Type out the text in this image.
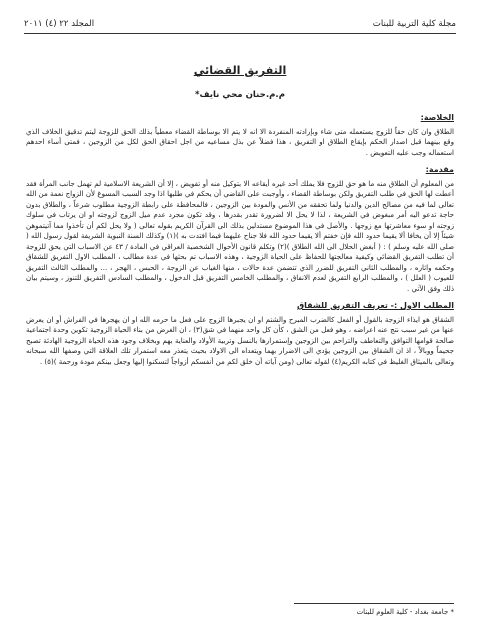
مجلة كلية التربية للبنات
المجلد ٢٢ (٤) ٢٠١١
التفريق القضائي
م.م.حنان محي نايف*
الخلاصة:

الطلاق وان كان حقاً للزوج يستعمله متى شاء وبإرادته المنفردة الا انه لا يتم الا بوساطة القضاء معطياً بذلك الحق للزوجة ليتم تدقيق الخلاف الذي وقع بينهما قبل اصدار الحكم بإيقاع الطلاق او التفريق ، هذا فضلاً عن بذل مساعيه من اجل احقاق الحق لكل من الزوجين ، فمتى أساء احدهم استعماله وجب عليه التعويض .

مقدمة:

من المعلوم أن الطلاق منه ما هو حق للزوج فلا يملك أحد غيره أيقاعه الا بتوكيل منه أو تفويض ، إلا أن الشريعة الاسلامية لم تهمل جانب المرأة فقد أعطت لها الحق في طلب التفريق ولكن بوساطة القضاء ، وأوجبت على القاضي أن يحكم في طلبها اذا وجد السبب المسوغ لأن الزواج نعمة من الله تعالى لما فيه من مصالح الدين والدنيا ولما تحققه من الأنس والمودة بين الزوجين ، فالمحافظة على رابطة الزوجية مطلوب شرعاً ، والطلاق بدون حاجة تدعو اليه أمر مبغوض في الشريعة ، لذا لا يحل الا لضرورة تقدر بقدرها ، وقد تكون مجرد عدم ميل الزوج لزوجته او ان يرتاب في سلوك زوجته او سوء معاشرتها مع زوجها . والأصل في هذا الموضوع مستدلين بذلك الى القرآن الكريم بقوله تعالى ( ولا يحل لكم أن تأخذوا مما آتيتموهن شيئاً إلا أن يخافا ألا يقيما حدود الله فإن خفتم ألا يقيما حدود الله فلا جناح عليهما فيما افتدت به )(١) وكذلك السنة النبوية الشريفة لقول رسول الله ( صلى الله عليه وسلم ) : ( أبغض الحلال الى الله الطلاق )(٢) وتكلم قانون الأحوال الشخصية العراقي في المادة / ٤٣ عن الاسباب التي يحق للزوجة أن تطلب التفريق القضائي وكيفية معالجتها للحفاظ على الحياة الزوجية ، وهذه الاسباب تم بحثها في عدة مطالب ، المطلب الاول التفريق للشقاق وحكمه واثاره ، والمطلب الثاني التفريق للضرر الذي تتضمن عدة حالات ، منها الغياب عن الزوجة ، الحبس ، الهجر ، ... والمطلب الثالث التفريق للعيوب ( العلل ) ، والمطلب الرابع التفريق لعدم الانفاق ، والمطلب الخامس التفريق قبل الدخول ، والمطلب السادس التفريق للتنوز ، وسيتم بيان ذلك وفق الآتي .

المطلب الاول :- تعريف التفريق للشقاق

الشقاق هو ايذاء الزوجة بالقول أو الفعل كالضرب المبرح والشتم او ان يجبرها الزوج على فعل ما حرمه الله او ان يهجرها في الفراش أو ان يعرض عنها من غير سبب نتج عنه اعراضه ، وهو فعل من الشق ، كأن كل واحد منهما في شق(٣) ، ان الغرض من بناء الحياة الزوجية تكوين وحدة اجتماعية صالحة قوامها التوافق والتعاطف والتراحم بين الزوجين وإستمرارها بالنسل وتربية الأولاد والعناية بهم وبخلاف وجود هذه الحياة الزوجية الهادئة تصبح جحيماً ووبالاً ، اذ ان الشقاق بين الزوجين يؤدي الى الاضرار بهما ويتعداه الى الاولاد بحيث يتعذر معه استمرار تلك العلاقة التي وصفها الله سبحانه وتعالى بالميثاق الغليظ في كتابه الكريم(٤) لقوله تعالى (ومن آياته أن خلق لكم من أنفسكم أزواجاً لتسكنوا إليها وجعل بينكم مودة ورحمة )(٥) .

* جامعة بغداد - كلية العلوم للبنات
